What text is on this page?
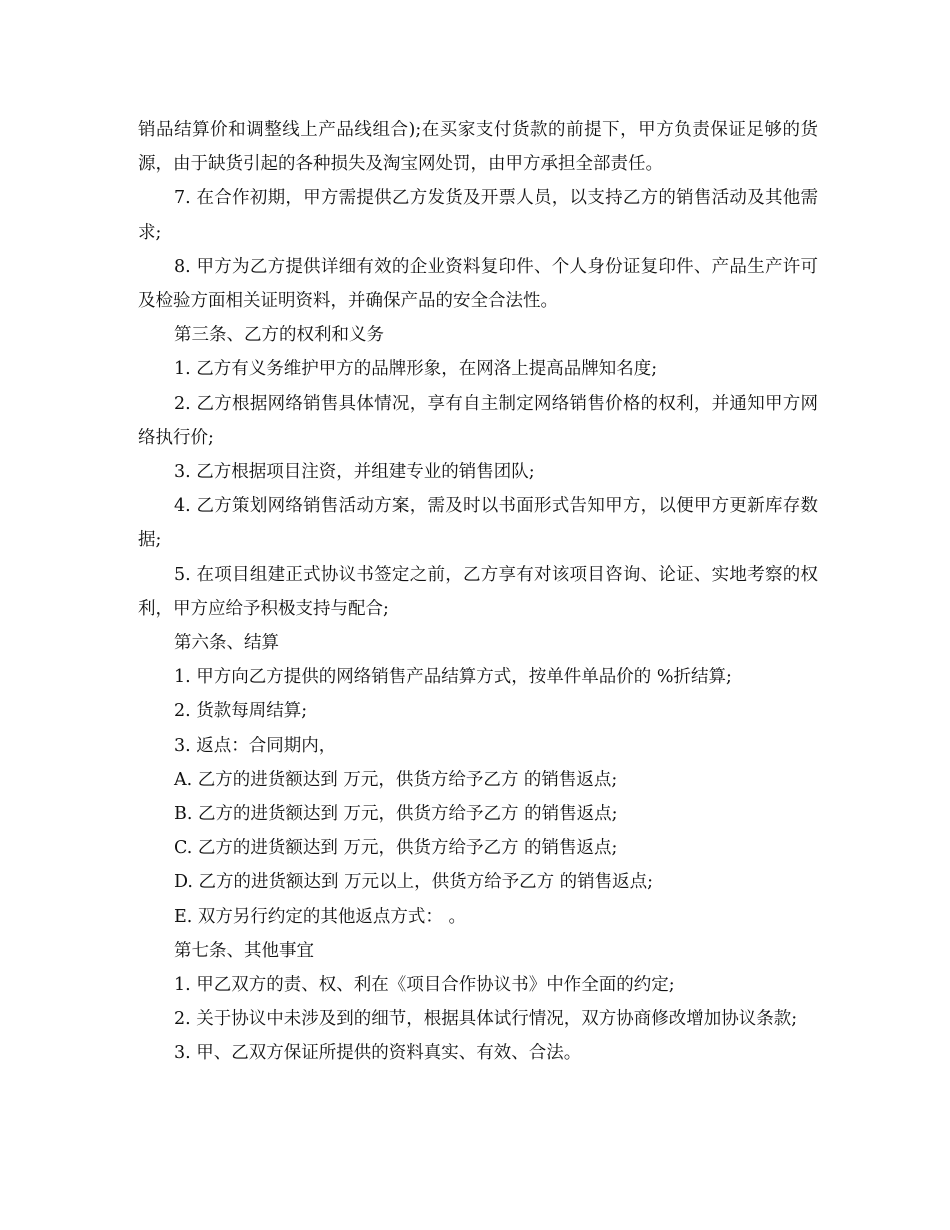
销品结算价和调整线上产品线组合);在买家支付货款的前提下，甲方负责保证足够的货源，由于缺货引起的各种损失及淘宝网处罚，由甲方承担全部责任。

7. 在合作初期，甲方需提供乙方发货及开票人员，以支持乙方的销售活动及其他需求;

8. 甲方为乙方提供详细有效的企业资料复印件、个人身份证复印件、产品生产许可及检验方面相关证明资料，并确保产品的安全合法性。

第三条、乙方的权利和义务

1. 乙方有义务维护甲方的品牌形象，在网洛上提高品牌知名度;

2. 乙方根据网络销售具体情况，享有自主制定网络销售价格的权利，并通知甲方网络执行价;

3. 乙方根据项目注资，并组建专业的销售团队;

4. 乙方策划网络销售活动方案，需及时以书面形式告知甲方，以便甲方更新库存数据;

5. 在项目组建正式协议书签定之前，乙方享有对该项目咨询、论证、实地考察的权利，甲方应给予积极支持与配合;

第六条、结算

1. 甲方向乙方提供的网络销售产品结算方式，按单件单品价的 %折结算;

2. 货款每周结算;

3. 返点：合同期内，

A. 乙方的进货额达到 万元，供货方给予乙方 的销售返点;

B. 乙方的进货额达到 万元，供货方给予乙方 的销售返点;

C. 乙方的进货额达到 万元，供货方给予乙方 的销售返点;

D. 乙方的进货额达到 万元以上，供货方给予乙方 的销售返点;

E. 双方另行约定的其他返点方式： 。

第七条、其他事宜

1. 甲乙双方的责、权、利在《项目合作协议书》中作全面的约定;

2. 关于协议中未涉及到的细节，根据具体试行情况，双方协商修改增加协议条款;

3. 甲、乙双方保证所提供的资料真实、有效、合法。
